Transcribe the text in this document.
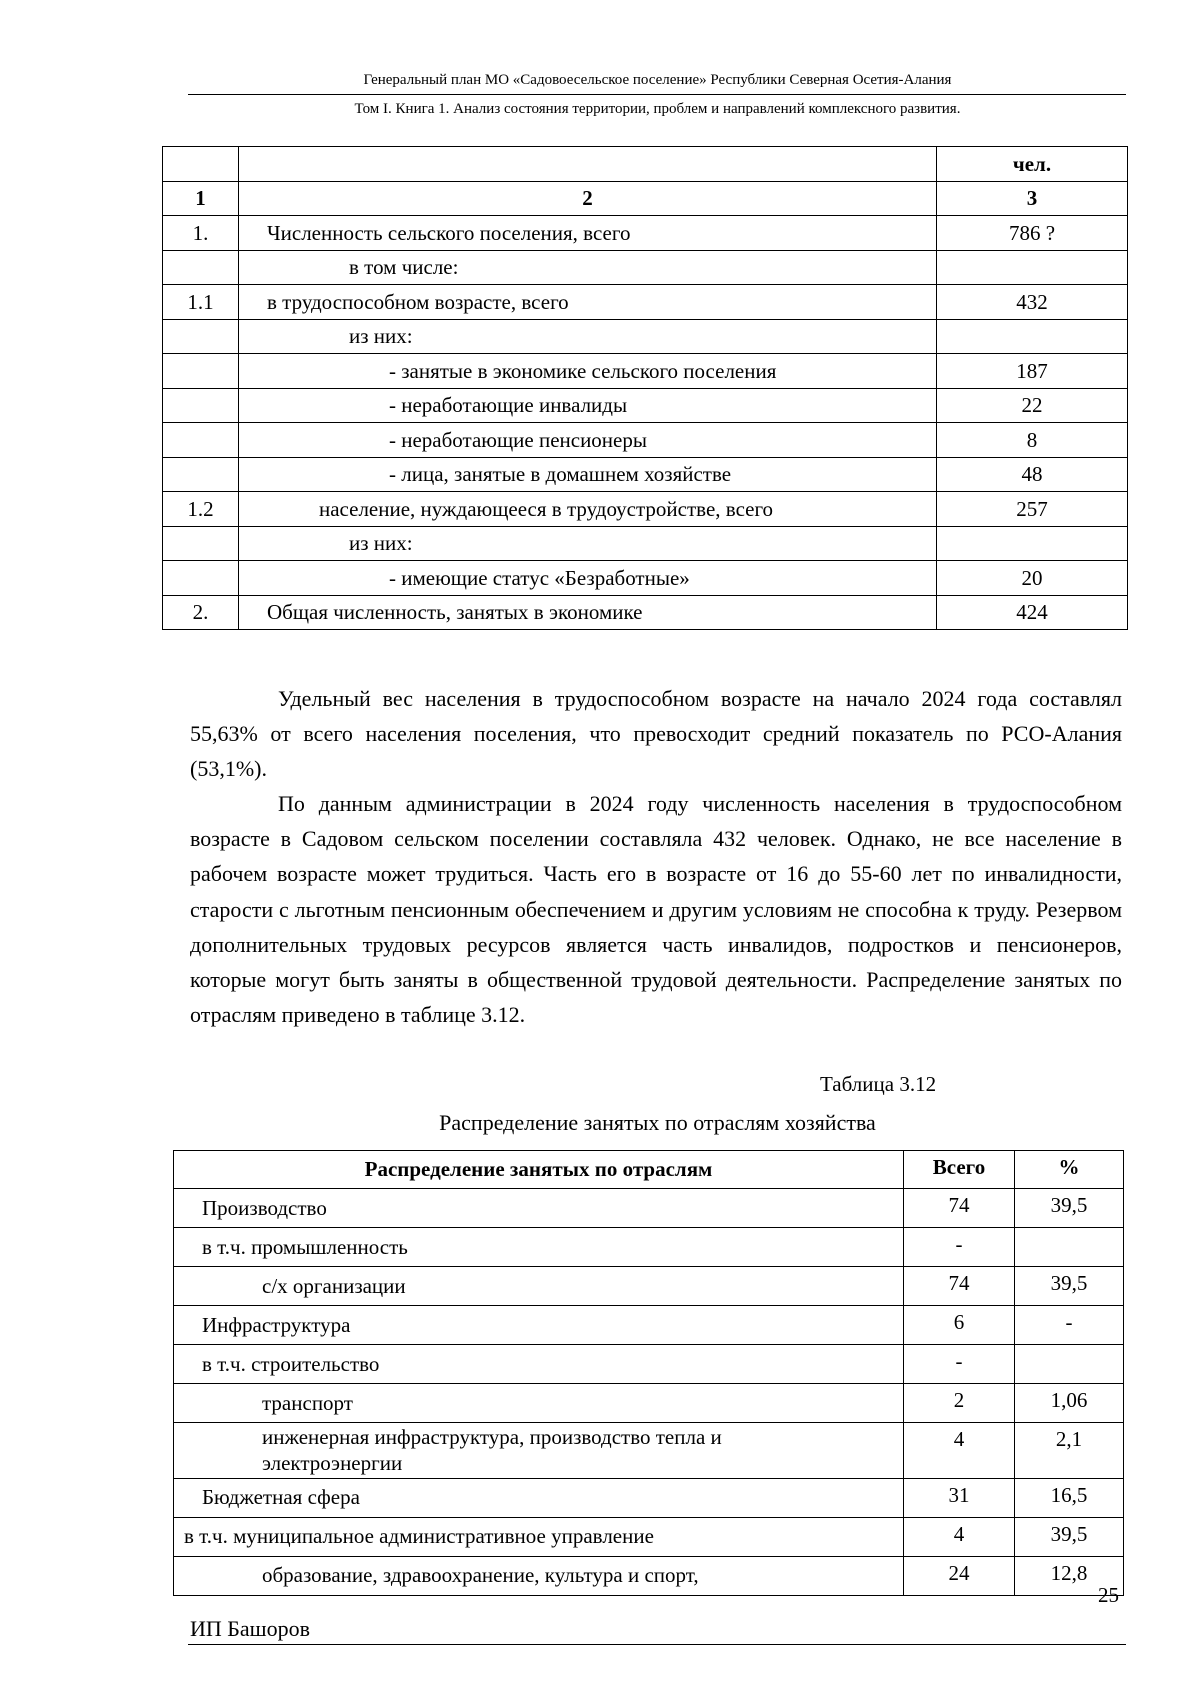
Генеральный план МО «Садовоесельское поселение» Республики Северная Осетия-Алания
Том I. Книга 1. Анализ состояния территории, проблем и направлений комплексного развития.
		чел.
1	2	3
1.	Численность сельского поселения, всего	786 ?
	в том числе:	
1.1	в трудоспособном возрасте, всего	432
	из них:	
	- занятые в экономике сельского поселения	187
	- неработающие инвалиды	22
	- неработающие пенсионеры	8
	- лица, занятые в домашнем хозяйстве	48
1.2	население, нуждающееся в трудоустройстве, всего	257
	из них:	
	- имеющие статус «Безработные»	20
2.	Общая численность, занятых в экономике	424

Удельный вес населения в трудоспособном возрасте на начало 2024 года составлял 55,63% от всего населения поселения, что превосходит средний показатель по РСО-Алания (53,1%).

По данным администрации в 2024 году численность населения в трудоспособном возрасте в Садовом сельском поселении составляла 432 человек. Однако, не все население в рабочем возрасте может трудиться. Часть его в возрасте от 16 до 55-60 лет по инвалидности, старости с льготным пенсионным обеспечением и другим условиям не способна к труду. Резервом дополнительных трудовых ресурсов является часть инвалидов, подростков и пенсионеров, которые могут быть заняты в общественной трудовой деятельности. Распределение занятых по отраслям приведено в таблице 3.12.

Таблица 3.12
Распределение занятых по отраслям хозяйства
Распределение занятых по отраслям	Всего	%
Производство	74	39,5
в т.ч. промышленность	-	
с/х организации	74	39,5
Инфраструктура	6	-
в т.ч. строительство	-	
транспорт	2	1,06
инженерная инфраструктура, производство тепла и электроэнергии	4	2,1
Бюджетная сфера	31	16,5
в т.ч. муниципальное административное управление	4	39,5
образование, здравоохранение, культура и спорт,	24	12,8
25
ИП Башоров
